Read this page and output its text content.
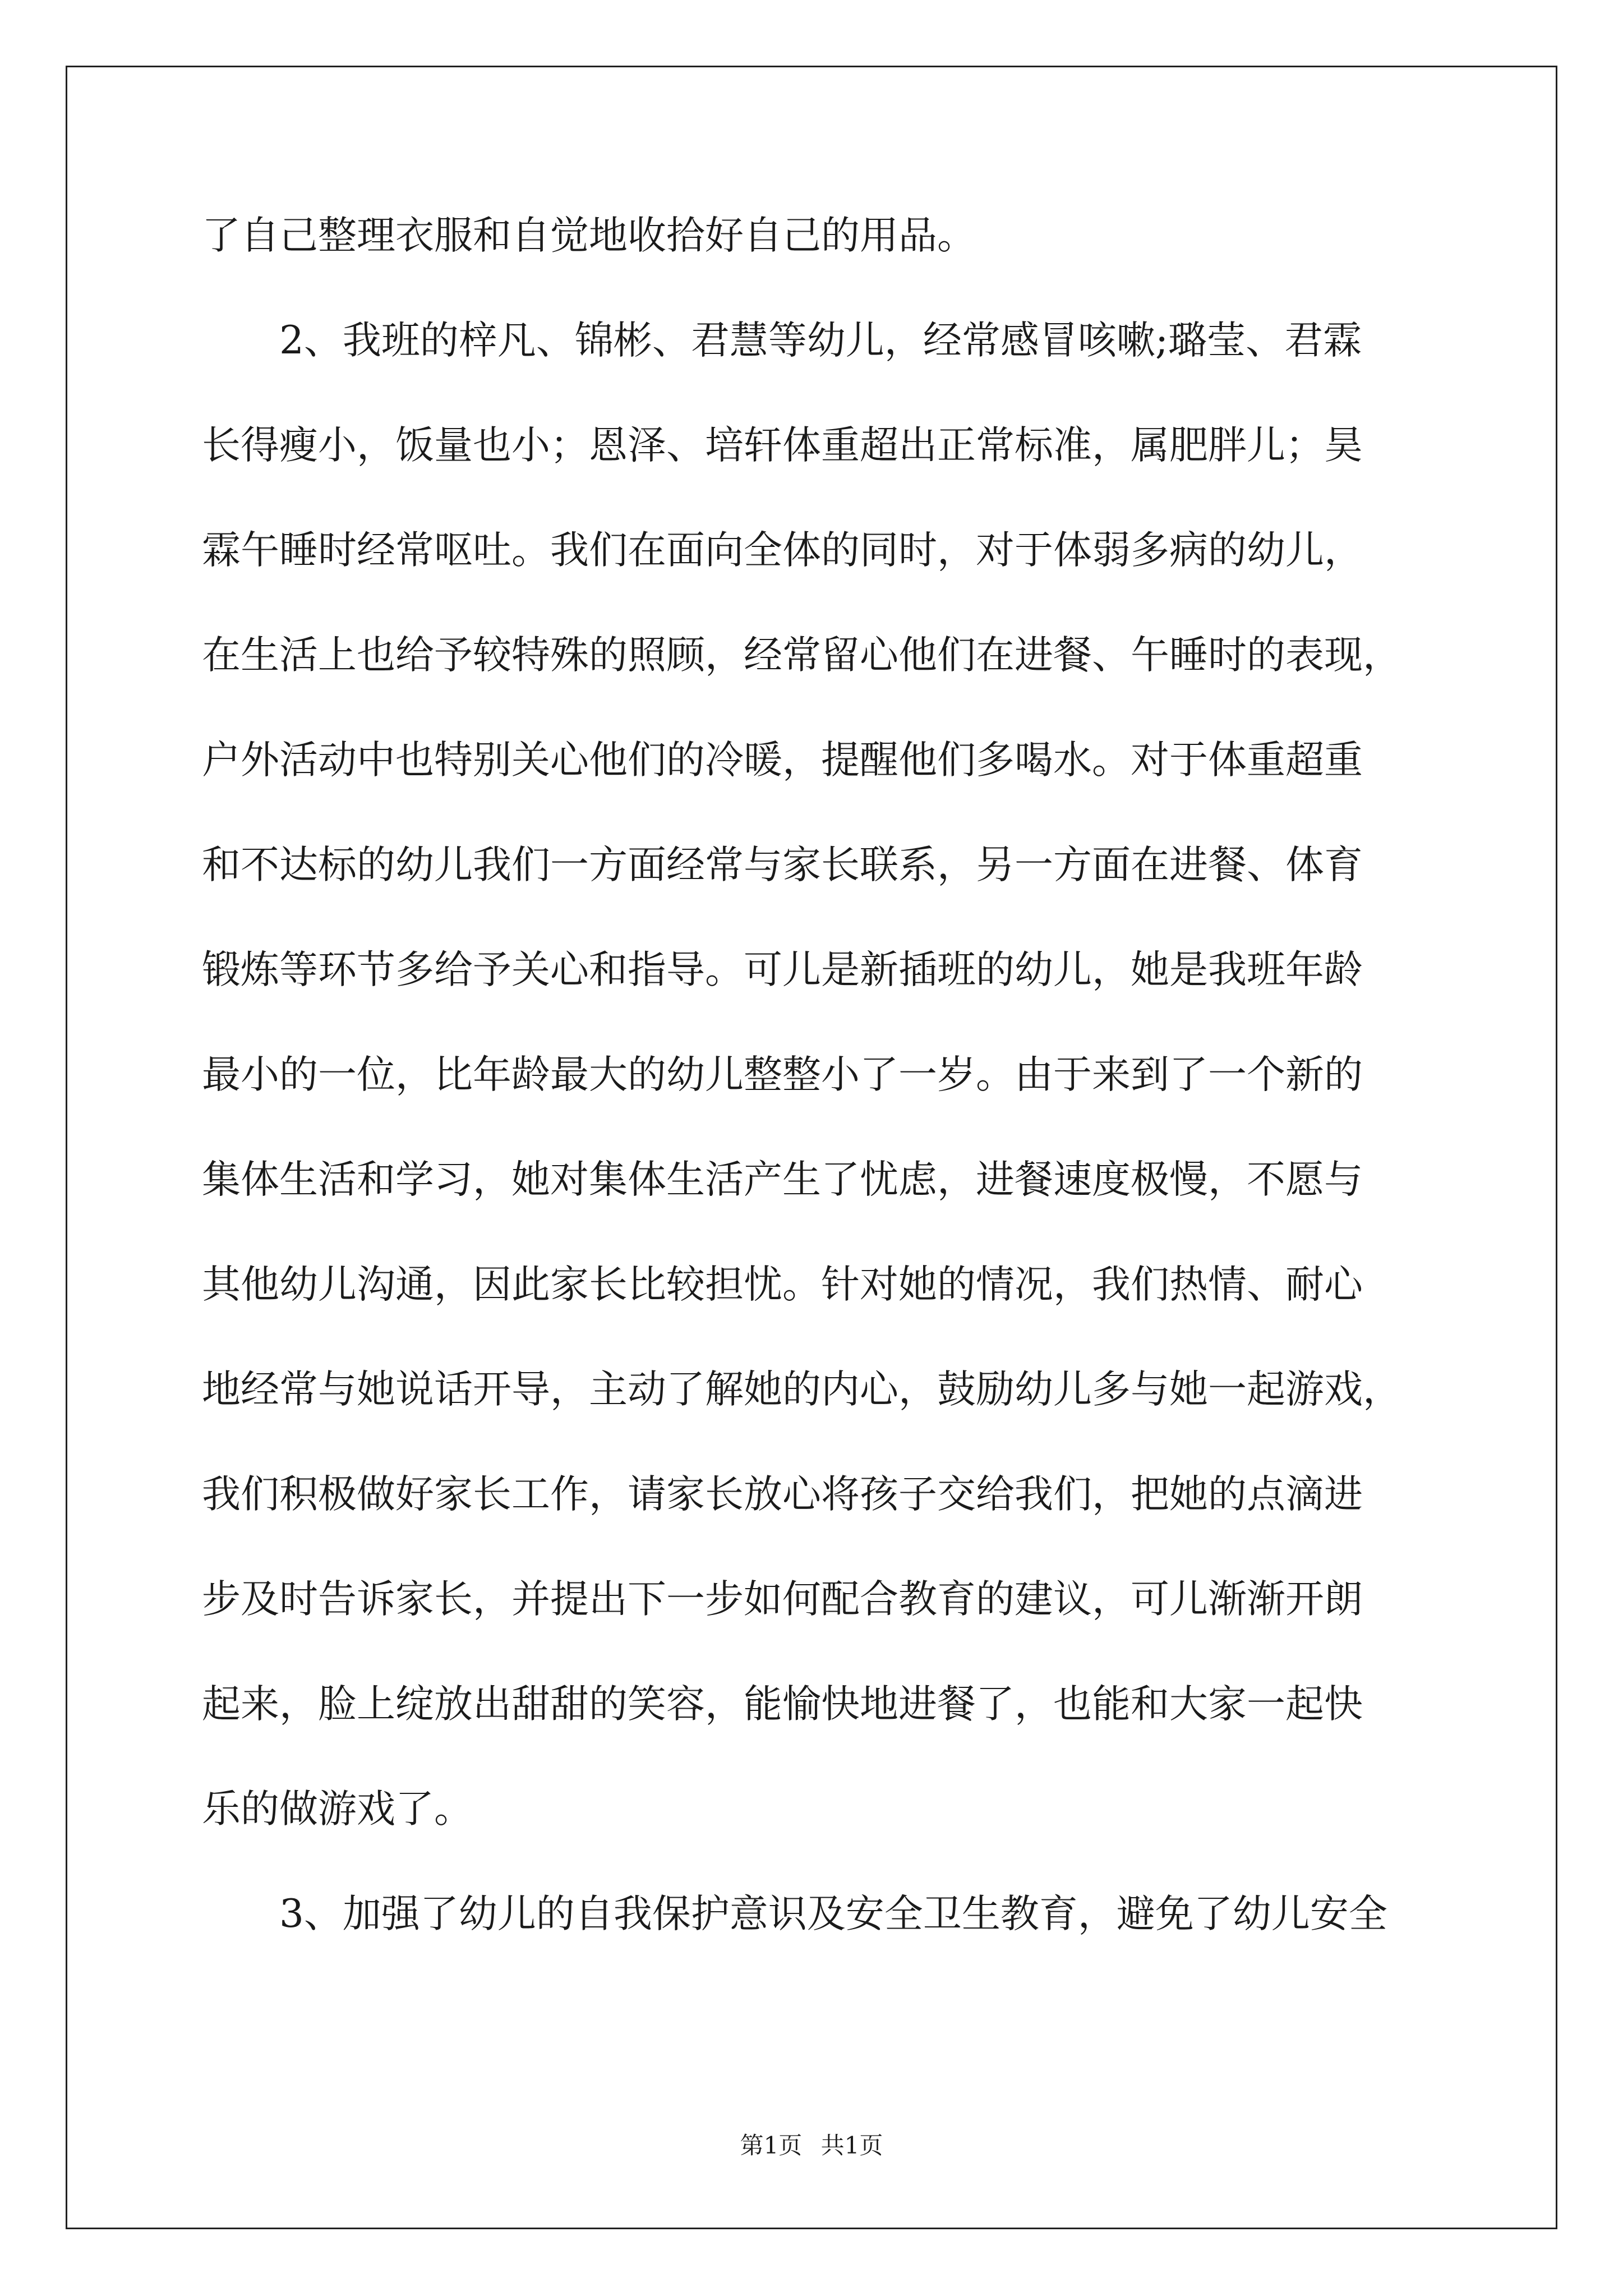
了自己整理衣服和自觉地收拾好自己的用品。
　　2、我班的梓凡、锦彬、君慧等幼儿，经常感冒咳嗽;璐莹、君霖
长得瘦小，饭量也小；恩泽、培轩体重超出正常标准，属肥胖儿；昊
霖午睡时经常呕吐。我们在面向全体的同时，对于体弱多病的幼儿，
在生活上也给予较特殊的照顾，经常留心他们在进餐、午睡时的表现，
户外活动中也特别关心他们的冷暖，提醒他们多喝水。对于体重超重
和不达标的幼儿我们一方面经常与家长联系，另一方面在进餐、体育
锻炼等环节多给予关心和指导。可儿是新插班的幼儿，她是我班年龄
最小的一位，比年龄最大的幼儿整整小了一岁。由于来到了一个新的
集体生活和学习，她对集体生活产生了忧虑，进餐速度极慢，不愿与
其他幼儿沟通，因此家长比较担忧。针对她的情况，我们热情、耐心
地经常与她说话开导，主动了解她的内心，鼓励幼儿多与她一起游戏，
我们积极做好家长工作，请家长放心将孩子交给我们，把她的点滴进
步及时告诉家长，并提出下一步如何配合教育的建议，可儿渐渐开朗
起来，脸上绽放出甜甜的笑容，能愉快地进餐了，也能和大家一起快
乐的做游戏了。
　　3、加强了幼儿的自我保护意识及安全卫生教育，避免了幼儿安全
第1页 共1页
